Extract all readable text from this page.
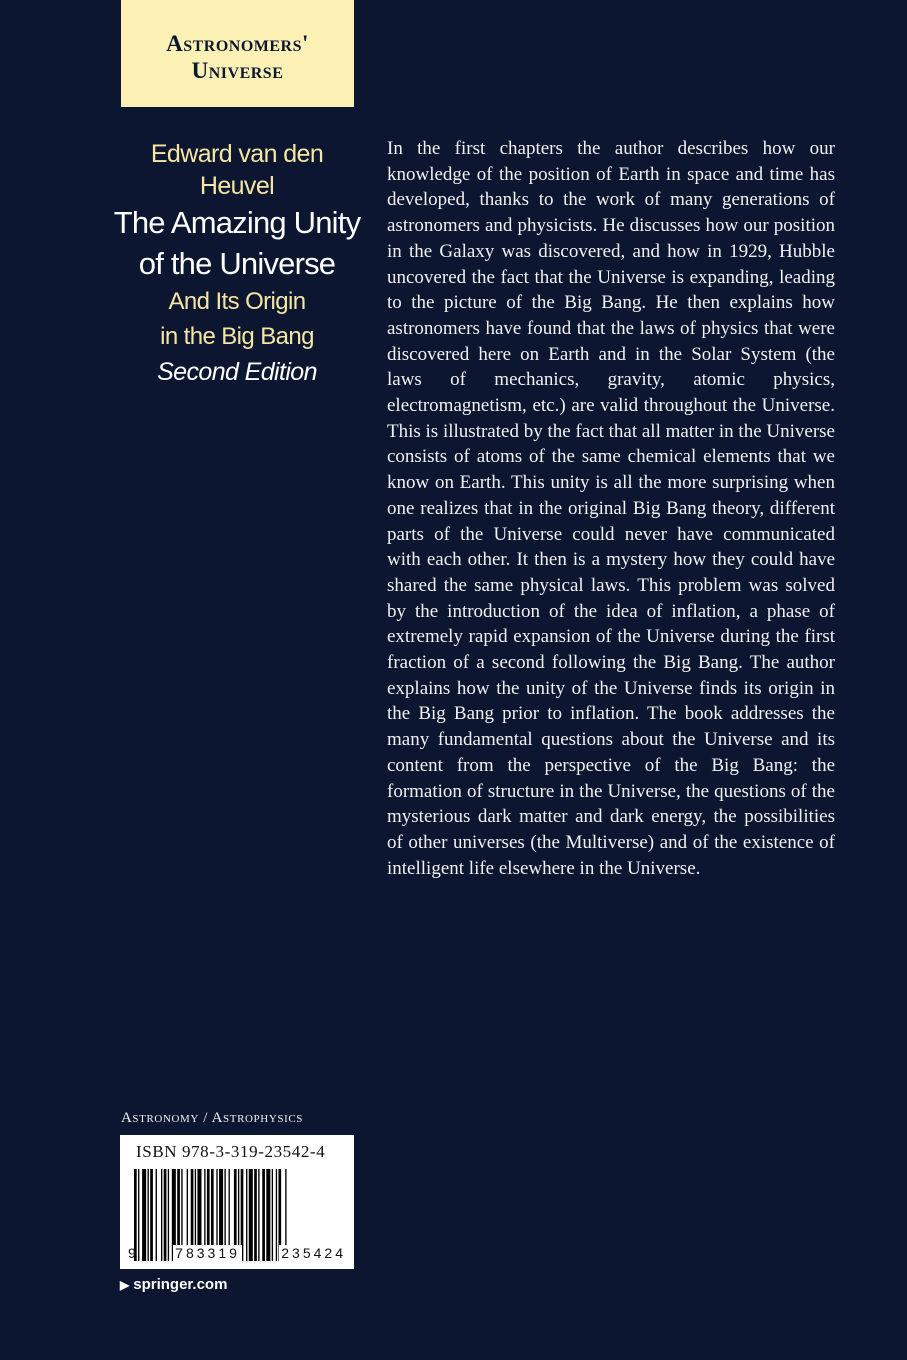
Astronomers'
Universe

Edward van den Heuvel

The Amazing Unity

of the Universe

And Its Origin

in the Big Bang

Second Edition

In the first chapters the author describes how our knowledge of the position of Earth in space and time has developed, thanks to the work of many generations of astronomers and physicists. He discusses how our position in the Galaxy was discovered, and how in 1929, Hubble uncovered the fact that the Universe is expanding, leading to the picture of the Big Bang. He then explains how astronomers have found that the laws of physics that were discovered here on Earth and in the Solar System (the laws of mechanics, gravity, atomic physics, electromagnetism, etc.) are valid throughout the Universe. This is illustrated by the fact that all matter in the Universe consists of atoms of the same chemical elements that we know on Earth. This unity is all the more surprising when one realizes that in the original Big Bang theory, different parts of the Universe could never have communicated with each other. It then is a mystery how they could have shared the same physical laws. This problem was solved by the introduction of the idea of inflation, a phase of extremely rapid expansion of the Universe during the first fraction of a second following the Big Bang. The author explains how the unity of the Universe finds its origin in the Big Bang prior to inflation. The book addresses the many fundamental questions about the Universe and its content from the perspective of the Big Bang: the formation of structure in the Universe, the questions of the mysterious dark matter and dark energy, the possibilities of other universes (the Multiverse) and of the existence of intelligent life elsewhere in the Universe.

Astronomy / Astrophysics
ISBN 978-3-319-23542-4
9	783319	235424
▶ springer.com
